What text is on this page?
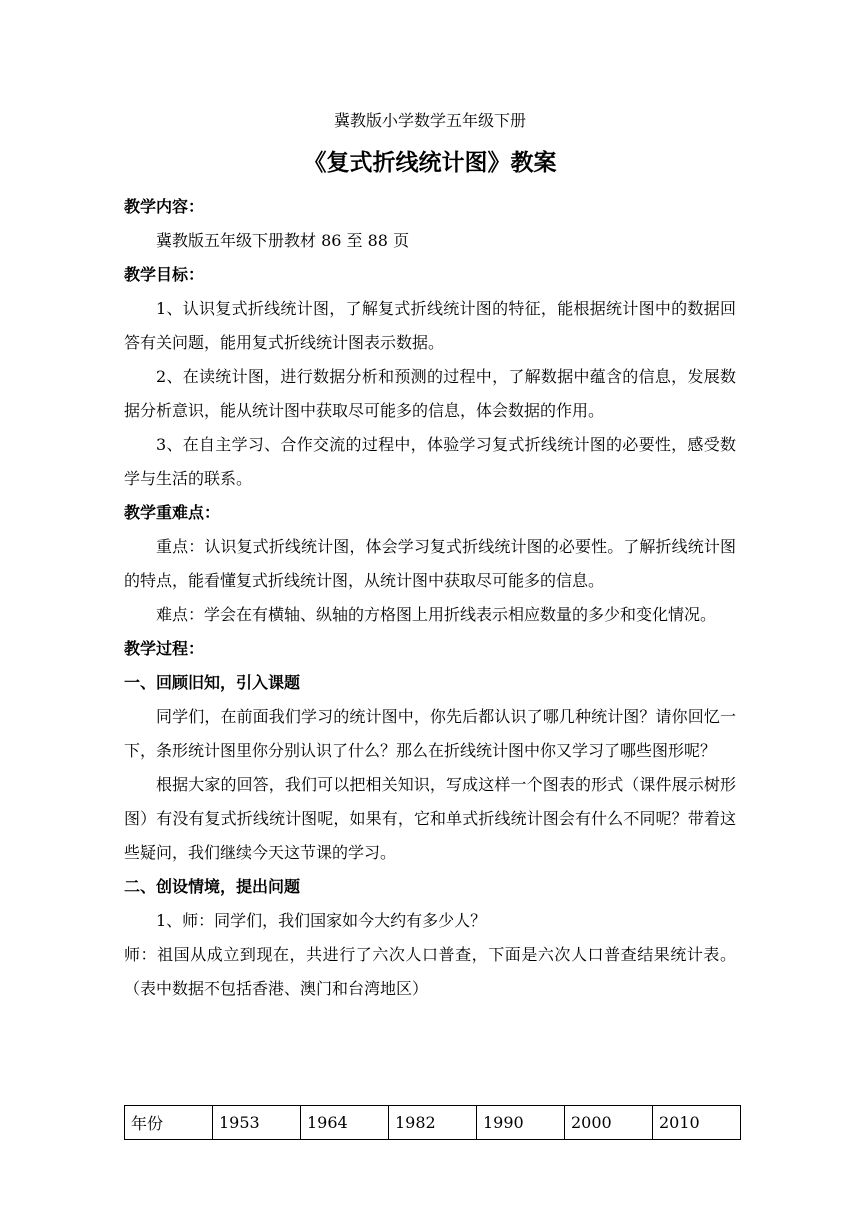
冀教版小学数学五年级下册

《复式折线统计图》教案

教学内容：

冀教版五年级下册教材 86 至 88 页

教学目标：

1、认识复式折线统计图，了解复式折线统计图的特征，能根据统计图中的数据回答有关问题，能用复式折线统计图表示数据。

2、在读统计图，进行数据分析和预测的过程中，了解数据中蕴含的信息，发展数据分析意识，能从统计图中获取尽可能多的信息，体会数据的作用。

3、在自主学习、合作交流的过程中，体验学习复式折线统计图的必要性，感受数学与生活的联系。

教学重难点：

重点：认识复式折线统计图，体会学习复式折线统计图的必要性。了解折线统计图的特点，能看懂复式折线统计图，从统计图中获取尽可能多的信息。

难点：学会在有横轴、纵轴的方格图上用折线表示相应数量的多少和变化情况。

教学过程：

一、回顾旧知，引入课题

同学们，在前面我们学习的统计图中，你先后都认识了哪几种统计图？请你回忆一下，条形统计图里你分别认识了什么？那么在折线统计图中你又学习了哪些图形呢？

根据大家的回答，我们可以把相关知识，写成这样一个图表的形式（课件展示树形图）有没有复式折线统计图呢，如果有，它和单式折线统计图会有什么不同呢？带着这些疑问，我们继续今天这节课的学习。

二、创设情境，提出问题

1、师：同学们，我们国家如今大约有多少人？

师：祖国从成立到现在，共进行了六次人口普查，下面是六次人口普查结果统计表。（表中数据不包括香港、澳门和台湾地区）

年份	1953	1964	1982	1990	2000	2010
